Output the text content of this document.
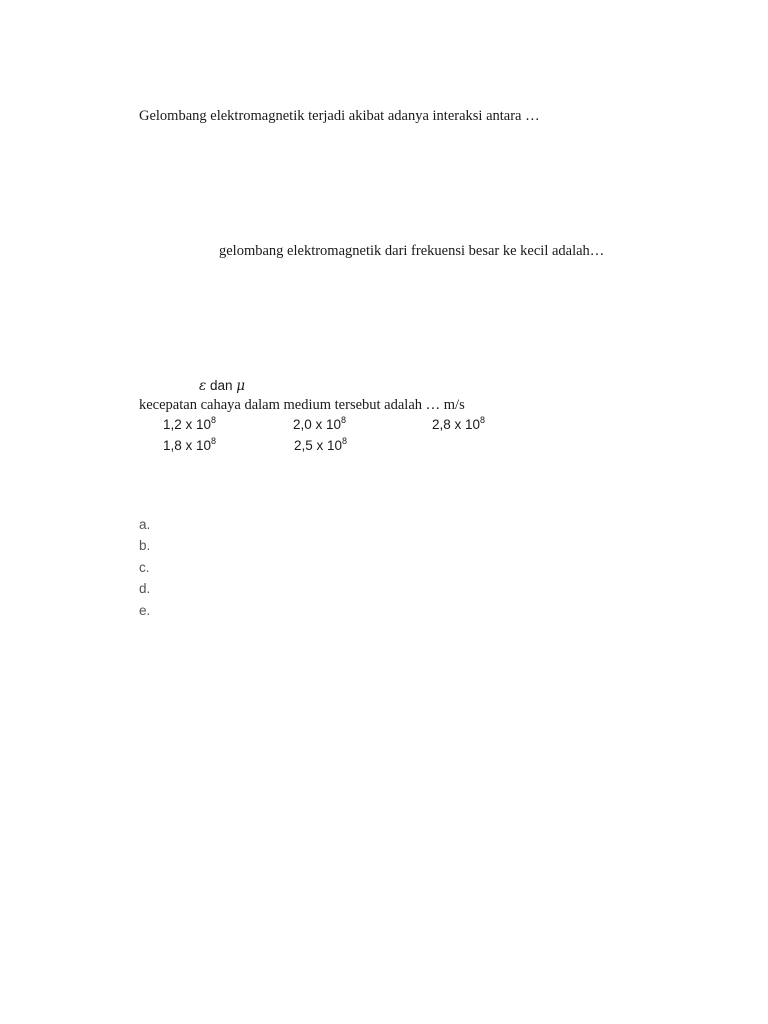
Gelombang elektromagnetik terjadi akibat adanya interaksi antara …
gelombang elektromagnetik dari frekuensi besar ke kecil adalah…
ε dan μ
kecepatan cahaya dalam medium tersebut adalah … m/s
1,2 x $10^8$	2,0 x $10^8$	2,8 x $10^8$
1,8 x $10^8$	2,5 x $10^8$
a.
b.
c.
d.
e.
